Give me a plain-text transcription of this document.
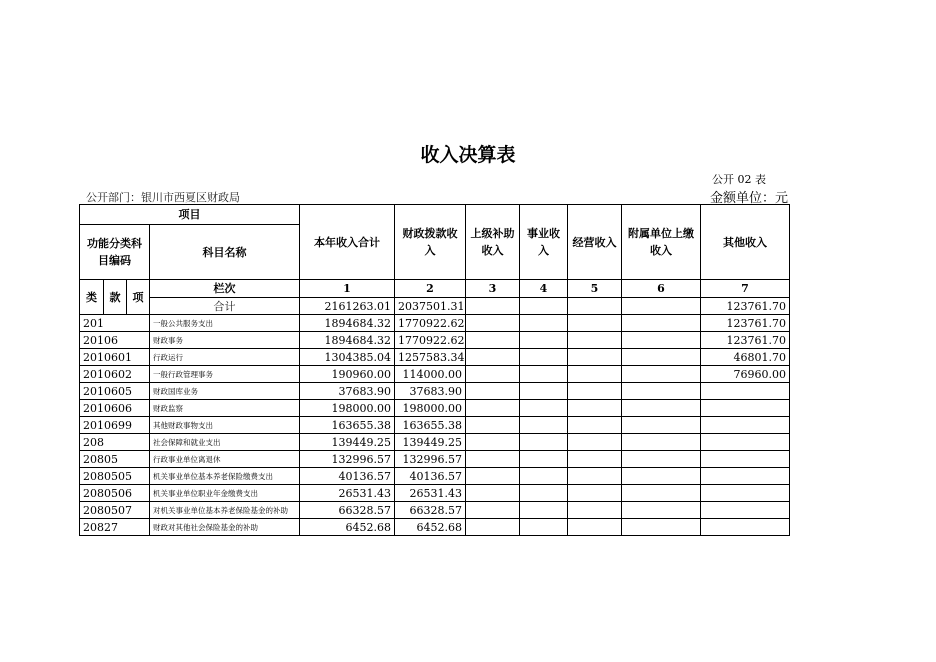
收入决算表
公开 02 表
公开部门：银川市西夏区财政局	金额单位：元
项目				本年收入合计	财政拨款收入	上级补助收入	事业收入	经营收入	附属单位上缴收入	其他收入
功能分类科目编码			科目名称							
类	款	项	栏次	1	2	3	4	5	6	7
			合计	2161263.01	2037501.31					123761.70
201			一般公共服务支出	1894684.32	1770922.62					123761.70
20106			财政事务	1894684.32	1770922.62					123761.70
2010601			行政运行	1304385.04	1257583.34					46801.70
2010602			一般行政管理事务	190960.00	114000.00					76960.00
2010605			财政国库业务	37683.90	37683.90					
2010606			财政监察	198000.00	198000.00					
2010699			其他财政事物支出	163655.38	163655.38					
208			社会保障和就业支出	139449.25	139449.25					
20805			行政事业单位离退休	132996.57	132996.57					
2080505			机关事业单位基本养老保险缴费支出	40136.57	40136.57					
2080506			机关事业单位职业年金缴费支出	26531.43	26531.43					
2080507			对机关事业单位基本养老保险基金的补助	66328.57	66328.57					
20827			财政对其他社会保险基金的补助	6452.68	6452.68					
